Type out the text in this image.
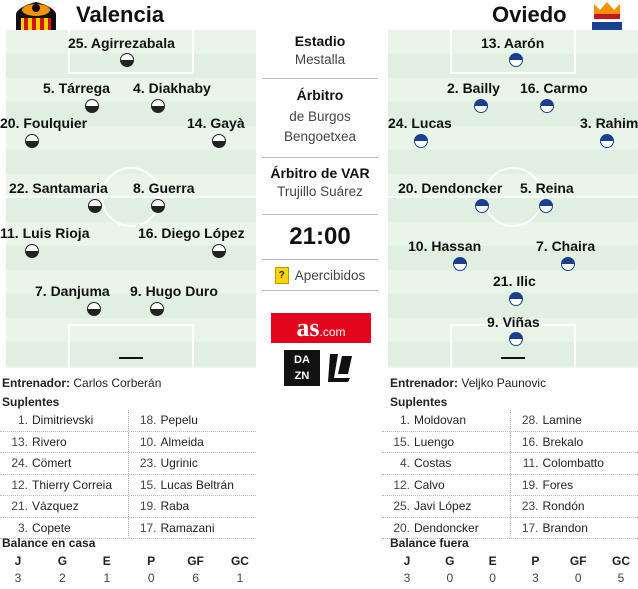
Valencia	Oviedo
25. Agirrezabala
5. Tárrega 4. Diakhaby
20. Foulquier	14. Gayà
22. Santamaria 8. Guerra
11. Luis Rioja	16. Diego López
7. Danjuma 9. Hugo Duro
13. Aarón
2. Bailly 16. Carmo
24. Lucas	3. Rahim
20. Dendoncker 5. Reina
10. Hassan	7. Chaira
21. Ilic
9. Viñas
Estadio
Mestalla
Árbitro
de Burgos Bengoetxea
Árbitro de VAR
Trujillo Suárez
21:00
? Apercibidos
as .com
DAZN
Entrenador: Carlos Corberán
Suplentes
1. Dimitrievski	18. Pepelu
13. Rivero	10. Almeida
24. Cömert	23. Ugrinic
12. Thierry Correia	15. Lucas Beltrán
21. Vázquez	19. Raba
3. Copete	17. Ramazani
Balance en casa
J	G	E	P	GF	GC
3	2	1	0	6	1
Entrenador: Veljko Paunovic
Suplentes
1. Moldovan	28. Lamine
15. Luengo	16. Brekalo
4. Costas	11. Colombatto
12. Calvo	19. Fores
25. Javi López	23. Rondón
20. Dendoncker	17. Brandon
Balance fuera
J	G	E	P	GF	GC
3	0	0	3	0	5
